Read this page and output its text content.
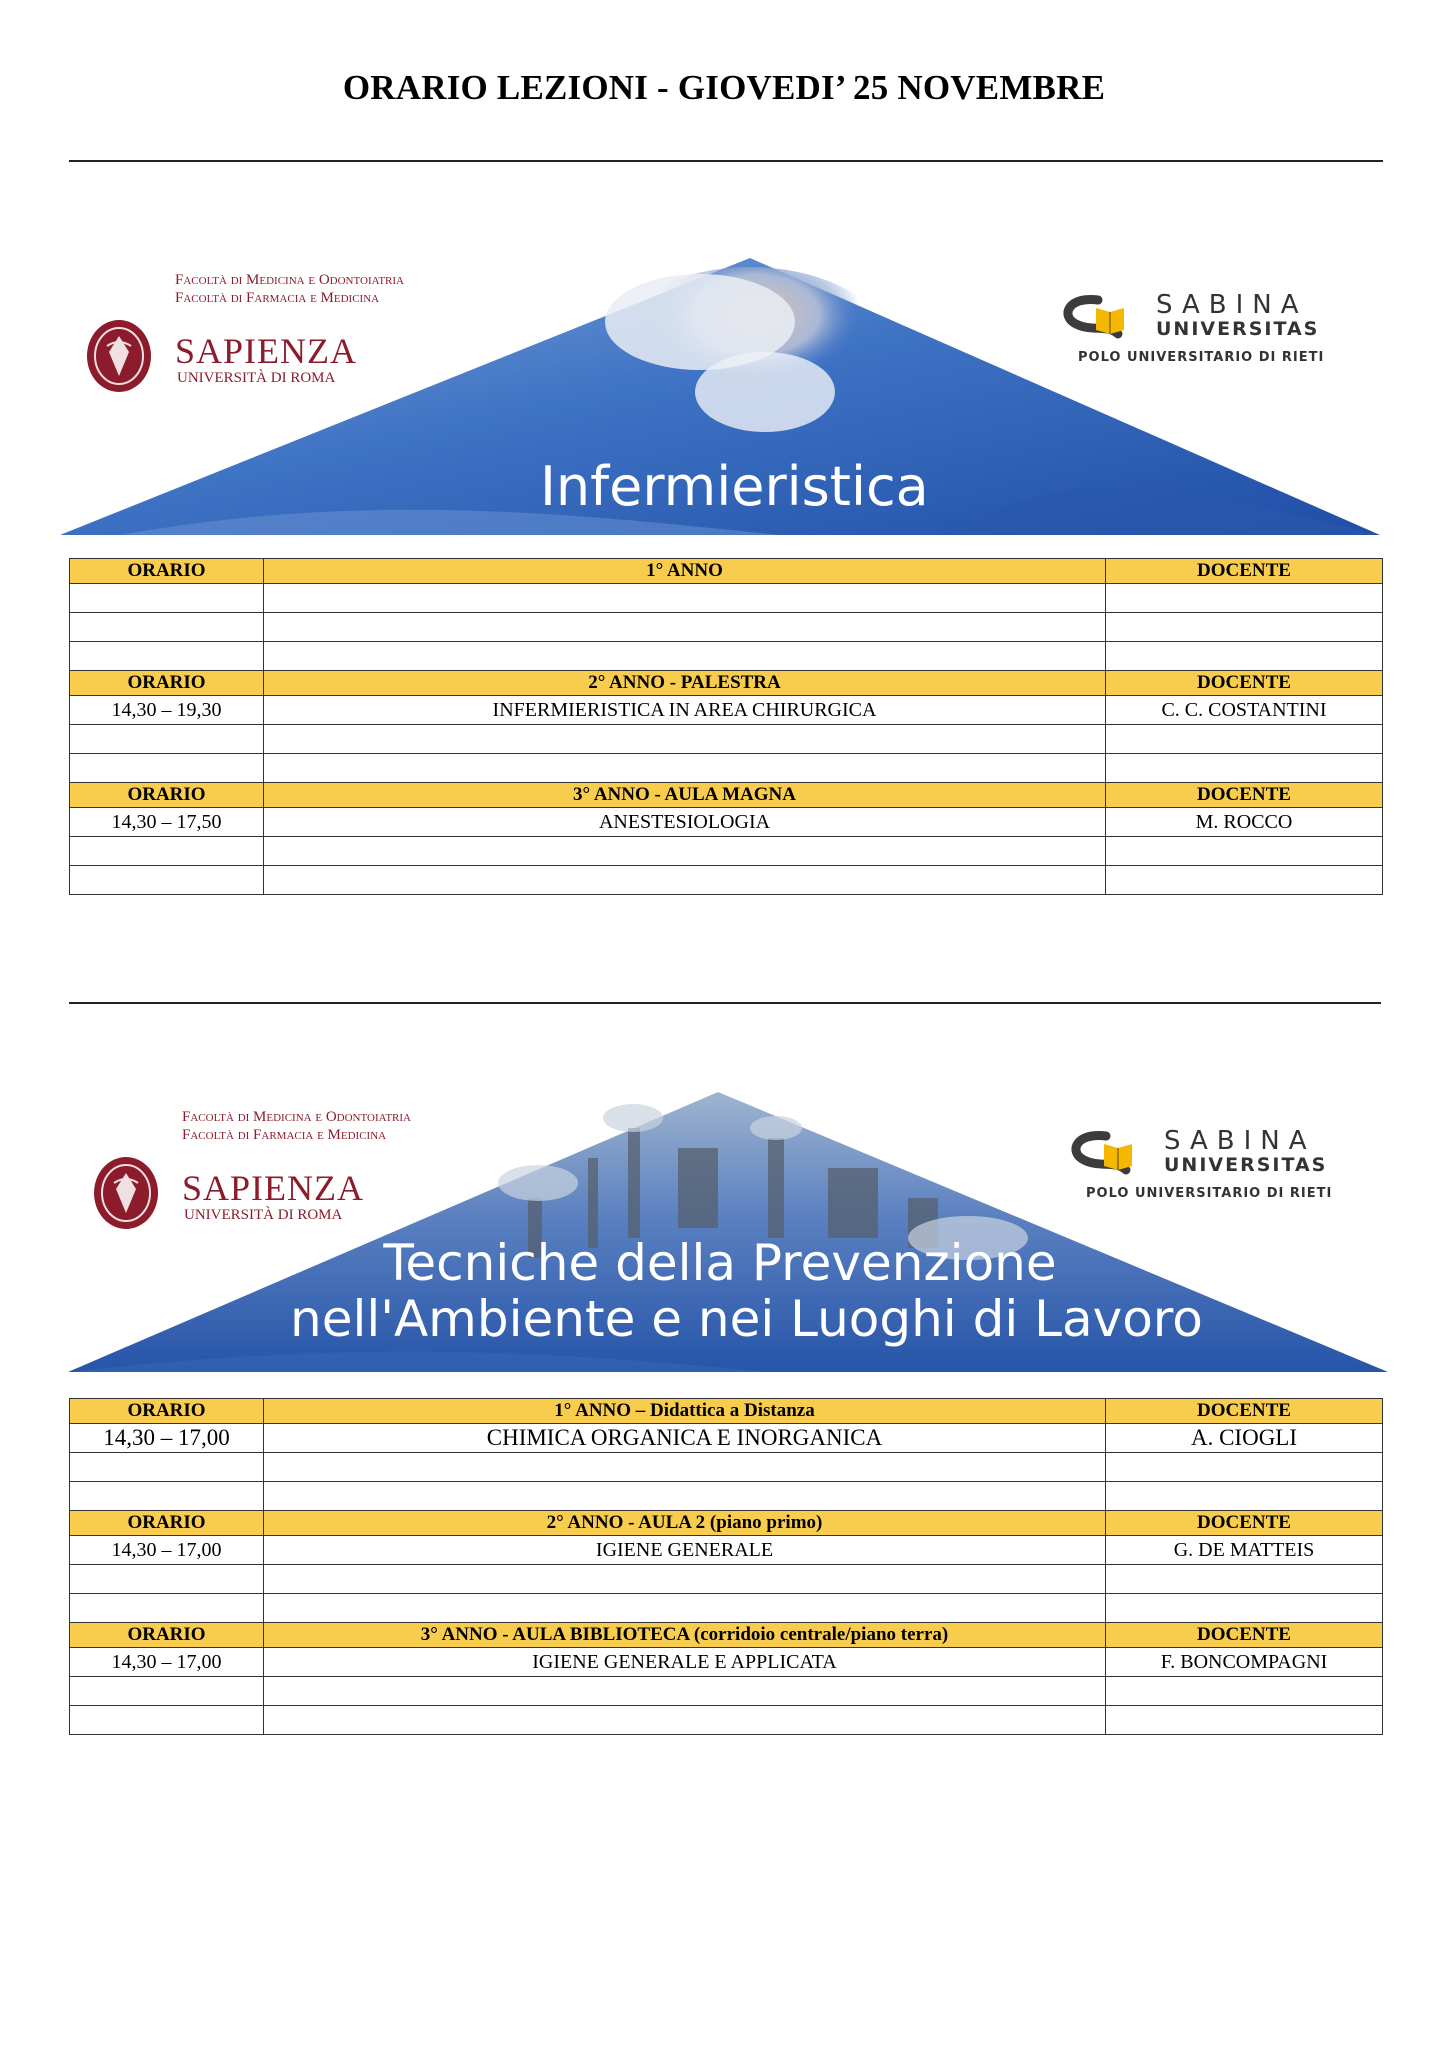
ORARIO LEZIONI - GIOVEDI’ 25 NOVEMBRE
Infermieristica
Facoltà di Medicina e Odontoiatria
Facoltà di Farmacia e Medicina
SAPIENZA
UNIVERSITÀ DI ROMA
SABINA
UNIVERSITAS
POLO UNIVERSITARIO DI RIETI
ORARIO	1° ANNO	DOCENTE

ORARIO	2° ANNO - PALESTRA	DOCENTE
14,30 – 19,30	INFERMIERISTICA IN AREA CHIRURGICA	C. C. COSTANTINI

ORARIO	3° ANNO - AULA MAGNA	DOCENTE
14,30 – 17,50	ANESTESIOLOGIA	M. ROCCO

Tecniche della Prevenzione
nell'Ambiente e nei Luoghi di Lavoro
Facoltà di Medicina e Odontoiatria
Facoltà di Farmacia e Medicina
SAPIENZA
UNIVERSITÀ DI ROMA
SABINA
UNIVERSITAS
POLO UNIVERSITARIO DI RIETI
ORARIO	1° ANNO – Didattica a Distanza	DOCENTE
14,30 – 17,00	CHIMICA ORGANICA E INORGANICA	A. CIOGLI

ORARIO	2° ANNO - AULA 2 (piano primo)	DOCENTE
14,30 – 17,00	IGIENE GENERALE	G. DE MATTEIS

ORARIO	3° ANNO - AULA BIBLIOTECA (corridoio centrale/piano terra)	DOCENTE
14,30 – 17,00	IGIENE GENERALE E APPLICATA	F. BONCOMPAGNI
